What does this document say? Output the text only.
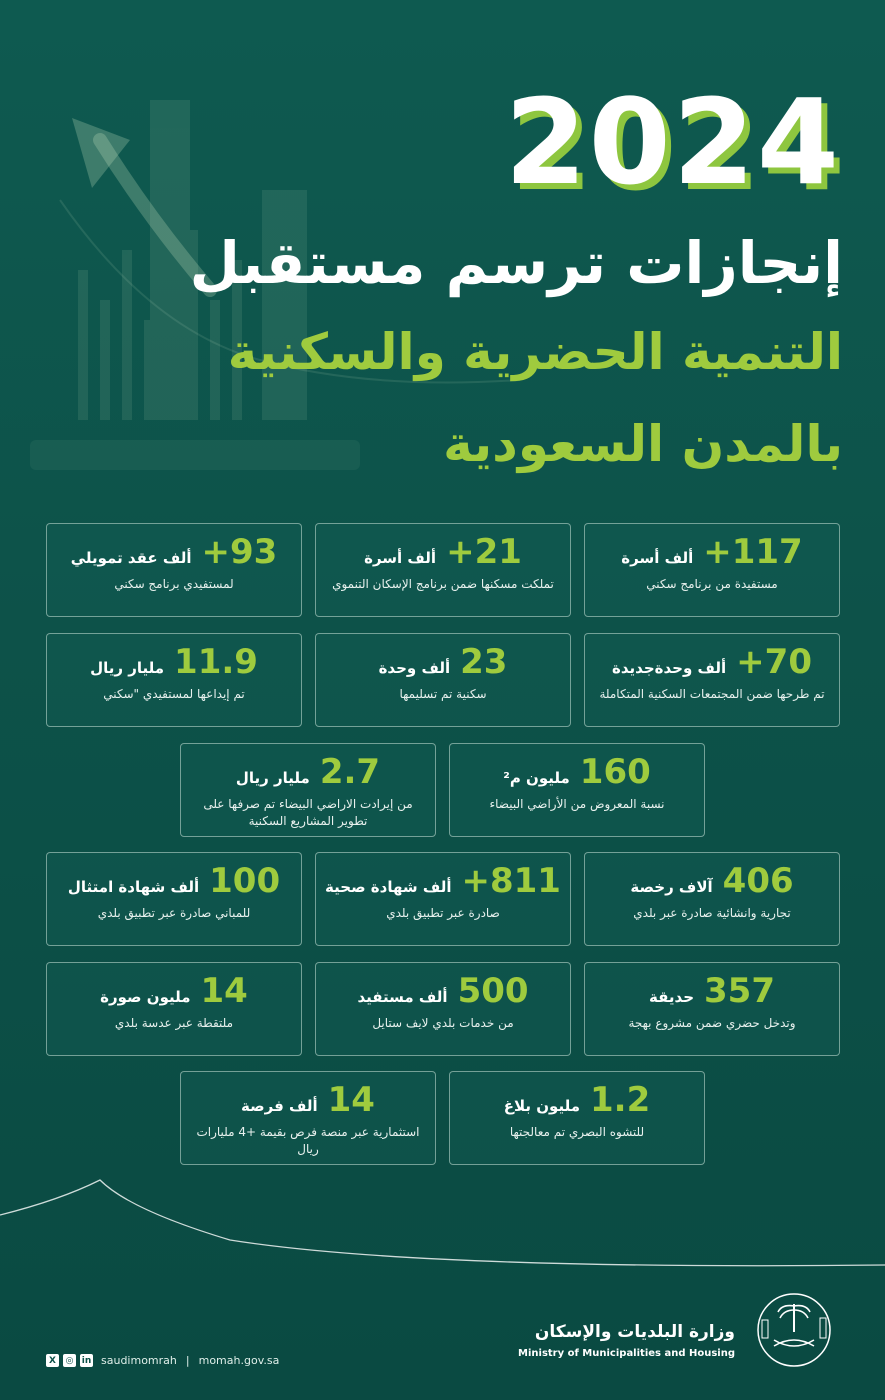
2024
إنجازات ترسم مستقبل
التنمية الحضرية والسكنية
بالمدن السعودية
+117
ألف أسرة
مستفيدة من برنامج سكني
+21
ألف أسرة
تملكت مسكنها ضمن برنامج الإسكان التنموي
+93
ألف عقد تمويلي
لمستفيدي برنامج سكني
+70
ألف وحدةجديدة
تم طرحها ضمن المجتمعات السكنية المتكاملة
23
ألف وحدة
سكنية تم تسليمها
11.9
مليار ريال
تم إيداعها لمستفيدي "سكني
160
مليون م²
نسبة المعروض من الأراضي البيضاء
2.7
مليار ريال
من إيرادت الاراضي البيضاء تم صرفها على تطوير المشاريع السكنية
406
آلاف رخصة
تجارية وانشائية صادرة عبر بلدي
+811
ألف شهادة صحية
صادرة عبر تطبيق بلدي
100
ألف شهادة امتثال
للمباني صادرة عبر تطبيق بلدي
357
حديقة
وتدخل حضري ضمن مشروع بهجة
500
ألف مستفيد
من خدمات بلدي لايف ستايل
14
مليون صورة
ملتقطة عبر عدسة بلدي
1.2
مليون بلاغ
للتشوه البصري تم معالجتها
14
ألف فرصة
استثمارية عبر منصة فرص بقيمة +4 مليارات ريال
وزارة البلديات والإسكان
Ministry of Municipalities and Housing
X	◎ in saudimomrah | momah.gov.sa
